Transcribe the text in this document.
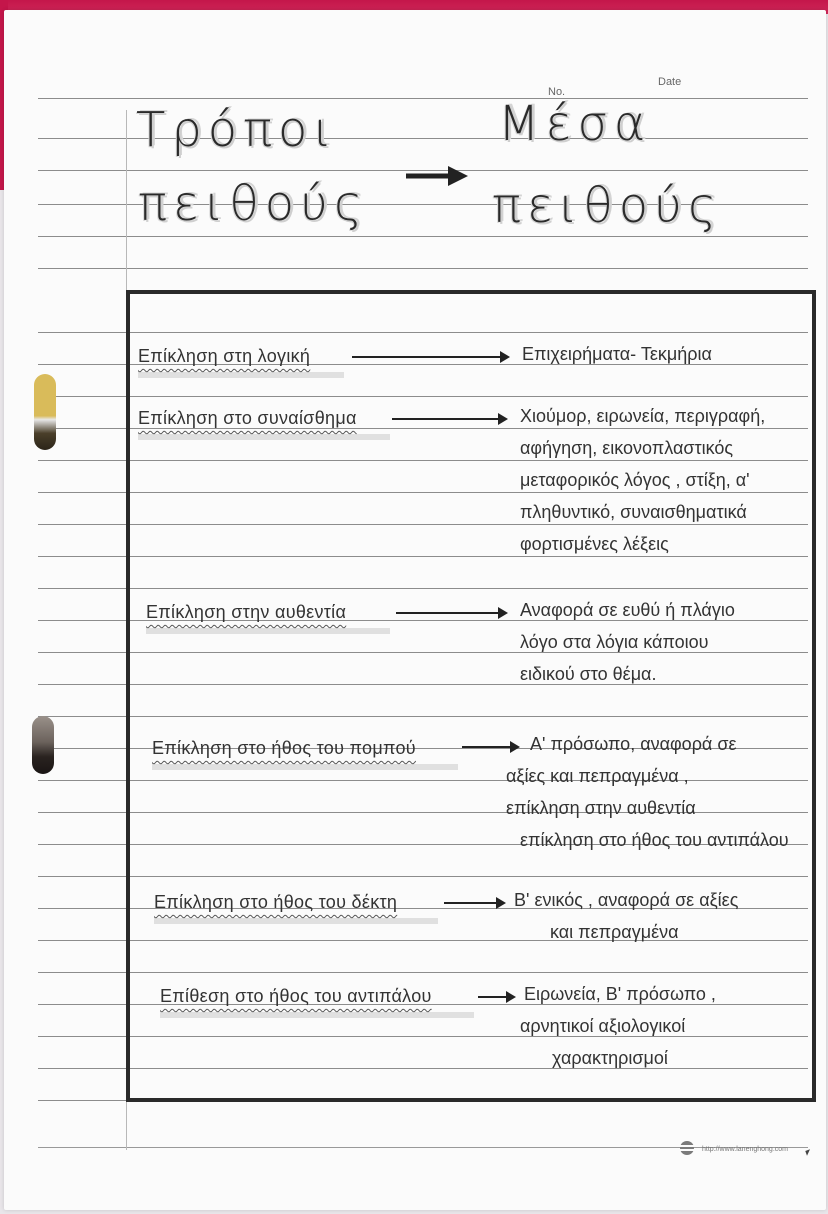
No.
Date
Τρόποι
πειθούς
Μέσα
πειθούς
Επίκληση στη λογική	Επιχειρήματα- Τεκμήρια
Επίκληση στο συναίσθημα	Χιούμορ, ειρωνεία, περιγραφή,
αφήγηση, εικονοπλαστικός
μεταφορικός λόγος , στίξη, α'
πληθυντικό, συναισθηματικά
φορτισμένες λέξεις
Επίκληση στην αυθεντία	Αναφορά σε ευθύ ή πλάγιο
λόγο στα λόγια κάποιου
ειδικού στο θέμα.
Επίκληση στο ήθος του πομπού	Α' πρόσωπο, αναφορά σε
αξίες και πεπραγμένα ,
επίκληση στην αυθεντία
επίκληση στο ήθος του αντιπάλου
Επίκληση στο ήθος του δέκτη	Β' ενικός , αναφορά σε αξίες
και πεπραγμένα
Επίθεση στο ήθος του αντιπάλου	Ειρωνεία, Β' πρόσωπο ,
αρνητικοί αξιολογικοί
χαρακτηρισμοί
http://www.lanenghong.com
